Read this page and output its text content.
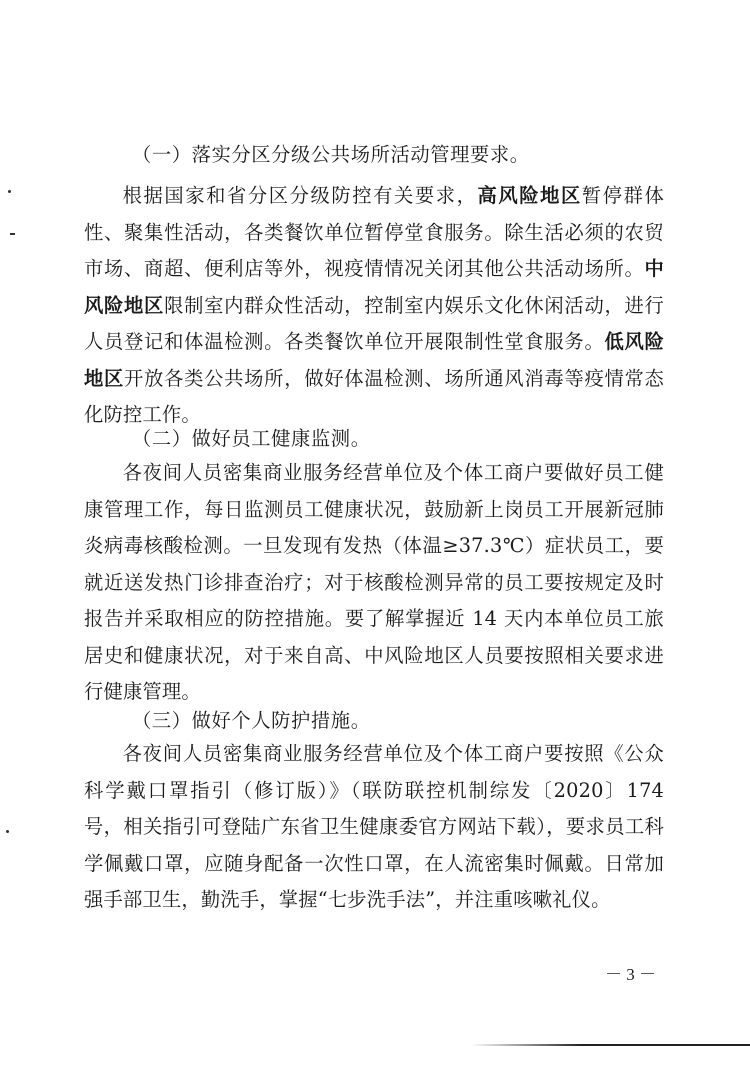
（一）落实分区分级公共场所活动管理要求。

根据国家和省分区分级防控有关要求，高风险地区暂停群体性、聚集性活动，各类餐饮单位暂停堂食服务。除生活必须的农贸市场、商超、便利店等外，视疫情情况关闭其他公共活动场所。中风险地区限制室内群众性活动，控制室内娱乐文化休闲活动，进行人员登记和体温检测。各类餐饮单位开展限制性堂食服务。低风险地区开放各类公共场所，做好体温检测、场所通风消毒等疫情常态化防控工作。

（二）做好员工健康监测。

各夜间人员密集商业服务经营单位及个体工商户要做好员工健康管理工作，每日监测员工健康状况，鼓励新上岗员工开展新冠肺炎病毒核酸检测。一旦发现有发热（体温≥37.3℃）症状员工，要就近送发热门诊排查治疗；对于核酸检测异常的员工要按规定及时报告并采取相应的防控措施。要了解掌握近 14 天内本单位员工旅居史和健康状况，对于来自高、中风险地区人员要按照相关要求进行健康管理。

（三）做好个人防护措施。

各夜间人员密集商业服务经营单位及个体工商户要按照《公众科学戴口罩指引（修订版）》（联防联控机制综发〔2020〕174 号，相关指引可登陆广东省卫生健康委官方网站下载），要求员工科学佩戴口罩，应随身配备一次性口罩，在人流密集时佩戴。日常加强手部卫生，勤洗手，掌握“七步洗手法”，并注重咳嗽礼仪。

－ 3 －
